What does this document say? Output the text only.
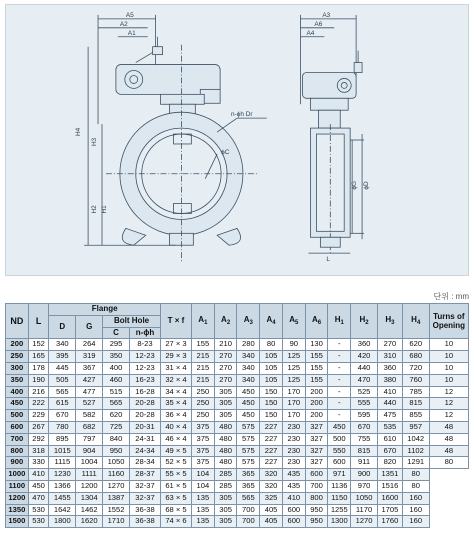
A5
A2
A1
H4
H3
H2 H1
ϕC
n-ϕh Dr
A3
A6
A4
ϕG ϕD
L
단위 : mm
ND	L	Flange				T × f	$A_1$	$A_2$	$A_3$	$A_4$	$A_5$	$A_6$	$H_1$	$H_2$	$H_3$	$H_4$	Turns of Opening
		D	G	Bolt Hole													
				C	n-ϕh												
200	152	340	264	295	8-23	27 × 3	155	210	280	80	90	130	-	360	270	620	10
250	165	395	319	350	12-23	29 × 3	215	270	340	105	125	155	-	420	310	680	10
300	178	445	367	400	12-23	31 × 4	215	270	340	105	125	155	-	440	360	720	10
350	190	505	427	460	16-23	32 × 4	215	270	340	105	125	155	-	470	380	760	10
400	216	565	477	515	16-28	34 × 4	250	305	450	150	170	200	-	525	410	785	12
450	222	615	527	565	20-28	35 × 4	250	305	450	150	170	200	-	555	440	815	12
500	229	670	582	620	20-28	36 × 4	250	305	450	150	170	200	-	595	475	855	12
600	267	780	682	725	20-31	40 × 4	375	480	575	227	230	327	450	670	535	957	48
700	292	895	797	840	24-31	46 × 4	375	480	575	227	230	327	500	755	610	1042	48
800	318	1015	904	950	24-34	49 × 5	375	480	575	227	230	327	550	815	670	1102	48
900	330	1115	1004	1050	28-34	52 × 5	375	480	575	227	230	327	600	911	820	1291	80
1000	410	1230	1111	1160	28-37	55 × 5	104	285	365	320	435	600	971	900	1351	80	
1100	450	1366	1200	1270	32-37	61 × 5	104	285	365	320	435	700	1136	970	1516	80	
1200	470	1455	1304	1387	32-37	63 × 5	135	305	565	325	410	800	1150	1050	1600	160	
1350	530	1642	1462	1552	36-38	68 × 5	135	305	700	405	600	950	1255	1170	1705	160	
1500	530	1800	1620	1710	36-38	74 × 6	135	305	700	405	600	950	1300	1270	1760	160	
